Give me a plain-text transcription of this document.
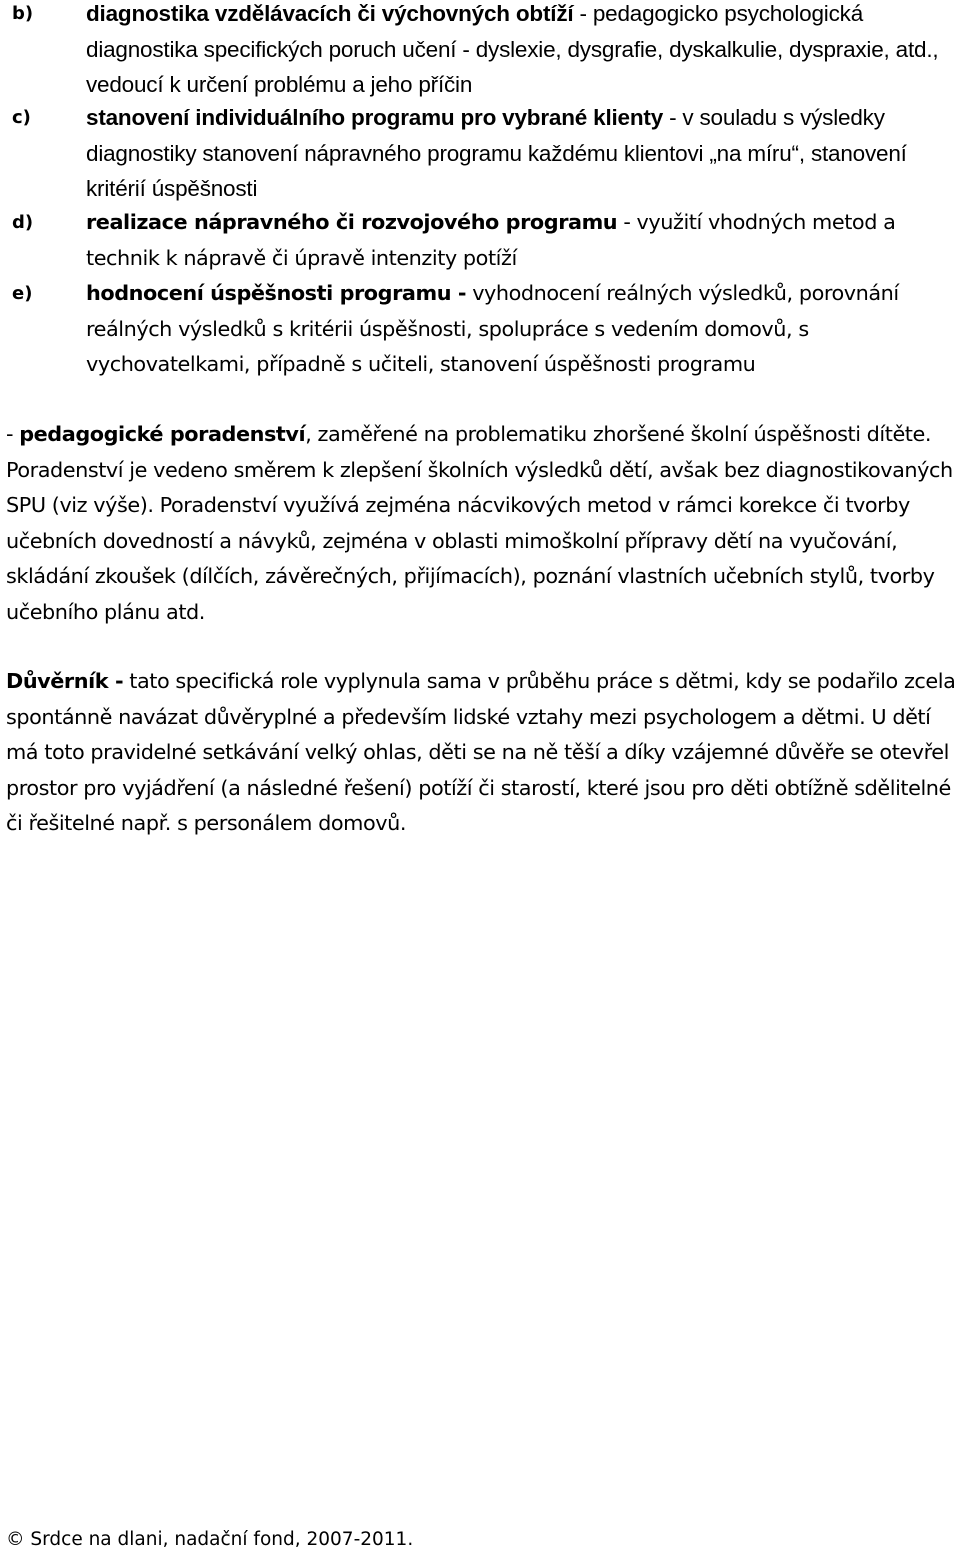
b) diagnostika vzdělávacích či výchovných obtíží - pedagogicko psychologická diagnostika specifických poruch učení - dyslexie, dysgrafie, dyskalkulie, dyspraxie, atd., vedoucí k určení problému a jeho příčin
c) stanovení individuálního programu pro vybrané klienty - v souladu s výsledky diagnostiky stanovení nápravného programu každému klientovi „na míru“, stanovení kritérií úspěšnosti
d)	realizace nápravného či rozvojového programu - využití vhodných metod a technik k nápravě či úpravě intenzity potíží
e)	hodnocení úspěšnosti programu - vyhodnocení reálných výsledků, porovnání reálných výsledků s kritérii úspěšnosti, spolupráce s vedením domovů, s vychovatelkami, případně s učiteli, stanovení úspěšnosti programu
- pedagogické poradenství, zaměřené na problematiku zhoršené školní úspěšnosti dítěte. Poradenství je vedeno směrem k zlepšení školních výsledků dětí, avšak bez diagnostikovaných SPU (viz výše). Poradenství využívá zejména nácvikových metod v rámci korekce či tvorby učebních dovedností a návyků, zejména v oblasti mimoškolní přípravy dětí na vyučování, skládání zkoušek (dílčích, závěrečných, přijímacích), poznání vlastních učebních stylů, tvorby učebního plánu atd.
Důvěrník - tato specifická role vyplynula sama v průběhu práce s dětmi, kdy se podařilo zcela spontánně navázat důvěryplné a především lidské vztahy mezi psychologem a dětmi. U dětí má toto pravidelné setkávání velký ohlas, děti se na ně těší a díky vzájemné důvěře se otevřel prostor pro vyjádření (a následné řešení) potíží či starostí, které jsou pro děti obtížně sdělitelné či řešitelné např. s personálem domovů.
© Srdce na dlani, nadační fond, 2007-2011.
